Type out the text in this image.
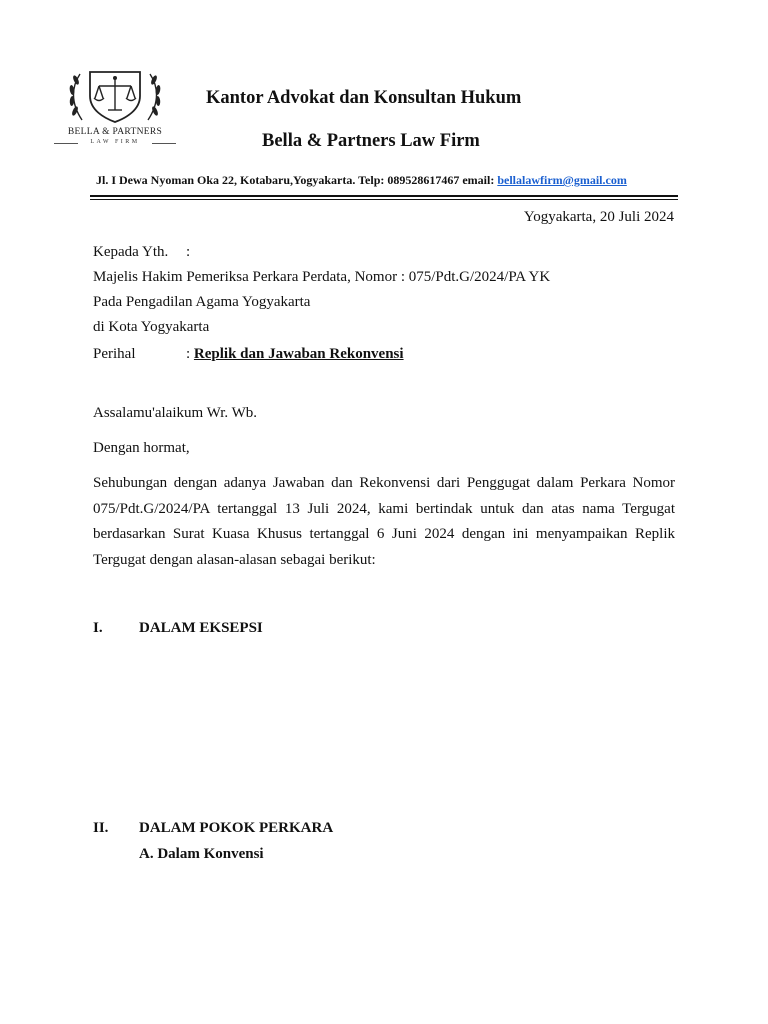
BELLA & PARTNERS
LAW FIRM
Kantor Advokat dan Konsultan Hukum
Bella & Partners Law Firm
Jl. I Dewa Nyoman Oka 22, Kotabaru,Yogyakarta. Telp: 089528617467 email: bellalawfirm@gmail.com
Yogyakarta, 20 Juli 2024
Kepada Yth. :
Majelis Hakim Pemeriksa Perkara Perdata, Nomor : 075/Pdt.G/2024/PA YK
Pada Pengadilan Agama Yogyakarta
di Kota Yogyakarta
Perihal	: Replik dan Jawaban Rekonvensi
Assalamu'alaikum Wr. Wb.
Dengan hormat,
Sehubungan dengan adanya Jawaban dan Rekonvensi dari Penggugat dalam Perkara Nomor
075/Pdt.G/2024/PA tertanggal 13 Juli 2024, kami bertindak untuk dan atas nama Tergugat
berdasarkan Surat Kuasa Khusus tertanggal 6 Juni 2024 dengan ini menyampaikan Replik
Tergugat dengan alasan-alasan sebagai berikut:
I. DALAM EKSEPSI
II. DALAM POKOK PERKARA
A. Dalam Konvensi
